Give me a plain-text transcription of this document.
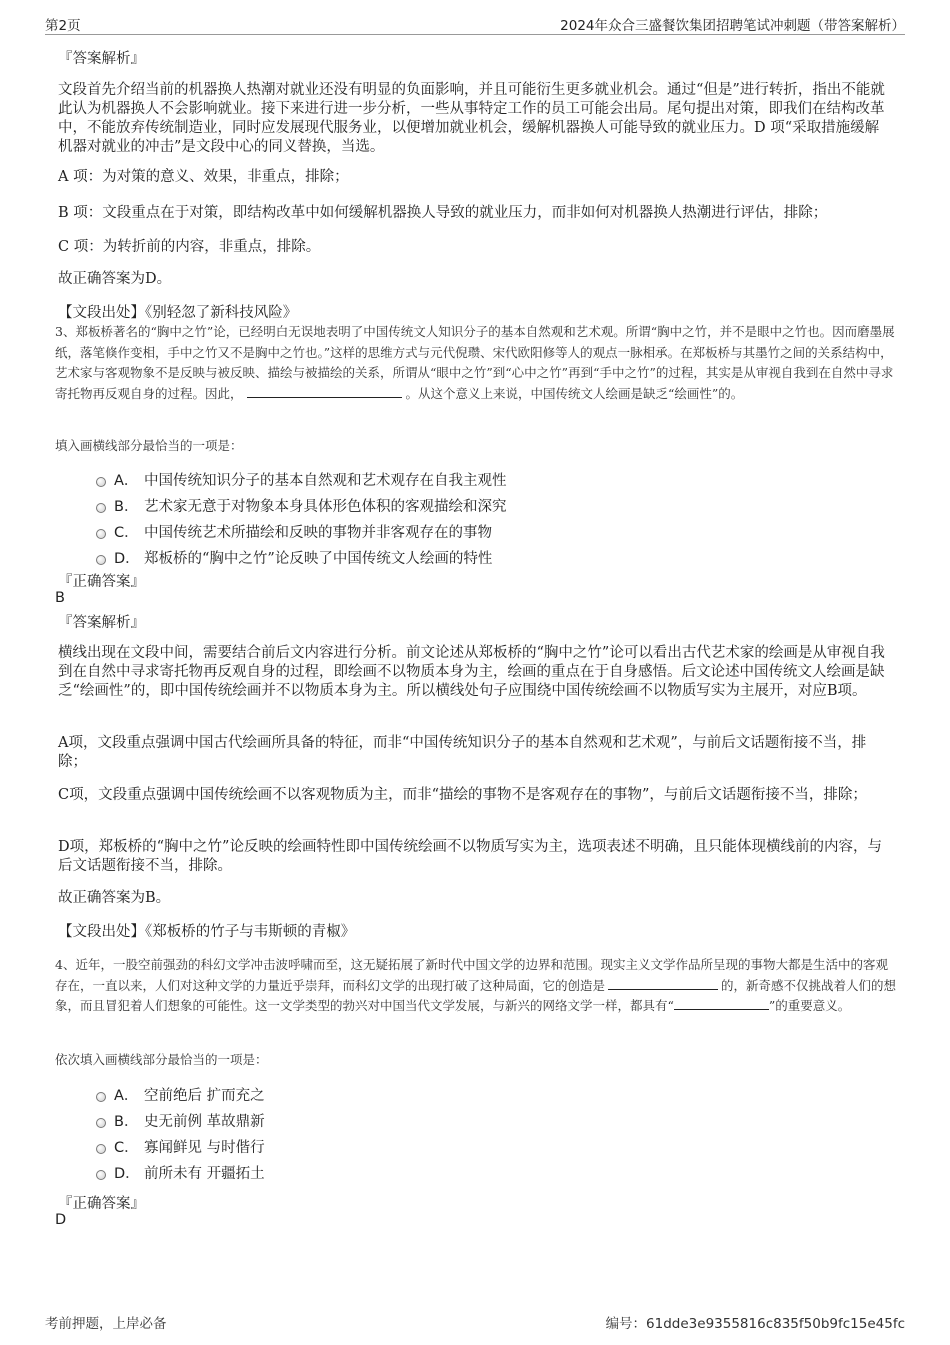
第2页	2024年众合三盛餐饮集团招聘笔试冲刺题（带答案解析）
『答案解析』

文段首先介绍当前的机器换人热潮对就业还没有明显的负面影响，并且可能衍生更多就业机会。通过“但是”进行转折，指出不能就此认为机器换人不会影响就业。接下来进行进一步分析，一些从事特定工作的员工可能会出局。尾句提出对策，即我们在结构改革中，不能放弃传统制造业，同时应发展现代服务业，以便增加就业机会，缓解机器换人可能导致的就业压力。D 项“采取措施缓解机器对就业的冲击”是文段中心的同义替换，当选。

A 项：为对策的意义、效果，非重点，排除；

B 项：文段重点在于对策，即结构改革中如何缓解机器换人导致的就业压力，而非如何对机器换人热潮进行评估，排除；

C 项：为转折前的内容，非重点，排除。

故正确答案为D。

【文段出处】《别轻忽了新科技风险》

3、郑板桥著名的“胸中之竹”论，已经明白无误地表明了中国传统文人知识分子的基本自然观和艺术观。所谓“胸中之竹，并不是眼中之竹也。因而磨墨展纸，落笔倏作变相，手中之竹又不是胸中之竹也。”这样的思维方式与元代倪瓒、宋代欧阳修等人的观点一脉相承。在郑板桥与其墨竹之间的关系结构中，艺术家与客观物象不是反映与被反映、描绘与被描绘的关系，所谓从“眼中之竹”到“心中之竹”再到“手中之竹”的过程，其实是从审视自我到在自然中寻求寄托物再反观自身的过程。因此，	。从这个意义上来说，中国传统文人绘画是缺乏“绘画性”的。

填入画横线部分最恰当的一项是：

A． 中国传统知识分子的基本自然观和艺术观存在自我主观性
B． 艺术家无意于对物象本身具体形色体积的客观描绘和深究
C． 中国传统艺术所描绘和反映的事物并非客观存在的事物
D． 郑板桥的“胸中之竹”论反映了中国传统文人绘画的特性
『正确答案』
B
『答案解析』

横线出现在文段中间，需要结合前后文内容进行分析。前文论述从郑板桥的“胸中之竹”论可以看出古代艺术家的绘画是从审视自我到在自然中寻求寄托物再反观自身的过程，即绘画不以物质本身为主，绘画的重点在于自身感悟。后文论述中国传统文人绘画是缺乏“绘画性”的，即中国传统绘画并不以物质本身为主。所以横线处句子应围绕中国传统绘画不以物质写实为主展开，对应B项。

A项，文段重点强调中国古代绘画所具备的特征，而非“中国传统知识分子的基本自然观和艺术观”，与前后文话题衔接不当，排除；

C项，文段重点强调中国传统绘画不以客观物质为主，而非“描绘的事物不是客观存在的事物”，与前后文话题衔接不当，排除；

D项，郑板桥的“胸中之竹”论反映的绘画特性即中国传统绘画不以物质写实为主，选项表述不明确，且只能体现横线前的内容，与后文话题衔接不当，排除。

故正确答案为B。

【文段出处】《郑板桥的竹子与韦斯顿的青椒》

4、近年，一股空前强劲的科幻文学冲击波呼啸而至，这无疑拓展了新时代中国文学的边界和范围。现实主义文学作品所呈现的事物大都是生活中的客观存在，一直以来，人们对这种文学的力量近乎崇拜，而科幻文学的出现打破了这种局面，它的创造是	的，新奇感不仅挑战着人们的想象，而且冒犯着人们想象的可能性。这一文学类型的勃兴对中国当代文学发展，与新兴的网络文学一样，都具有“	”的重要意义。

依次填入画横线部分最恰当的一项是：

A． 空前绝后 扩而充之
B． 史无前例 革故鼎新
C． 寡闻鲜见 与时偕行
D． 前所未有 开疆拓土
『正确答案』
D
考前押题，上岸必备	编号：61dde3e9355816c835f50b9fc15e45fc
